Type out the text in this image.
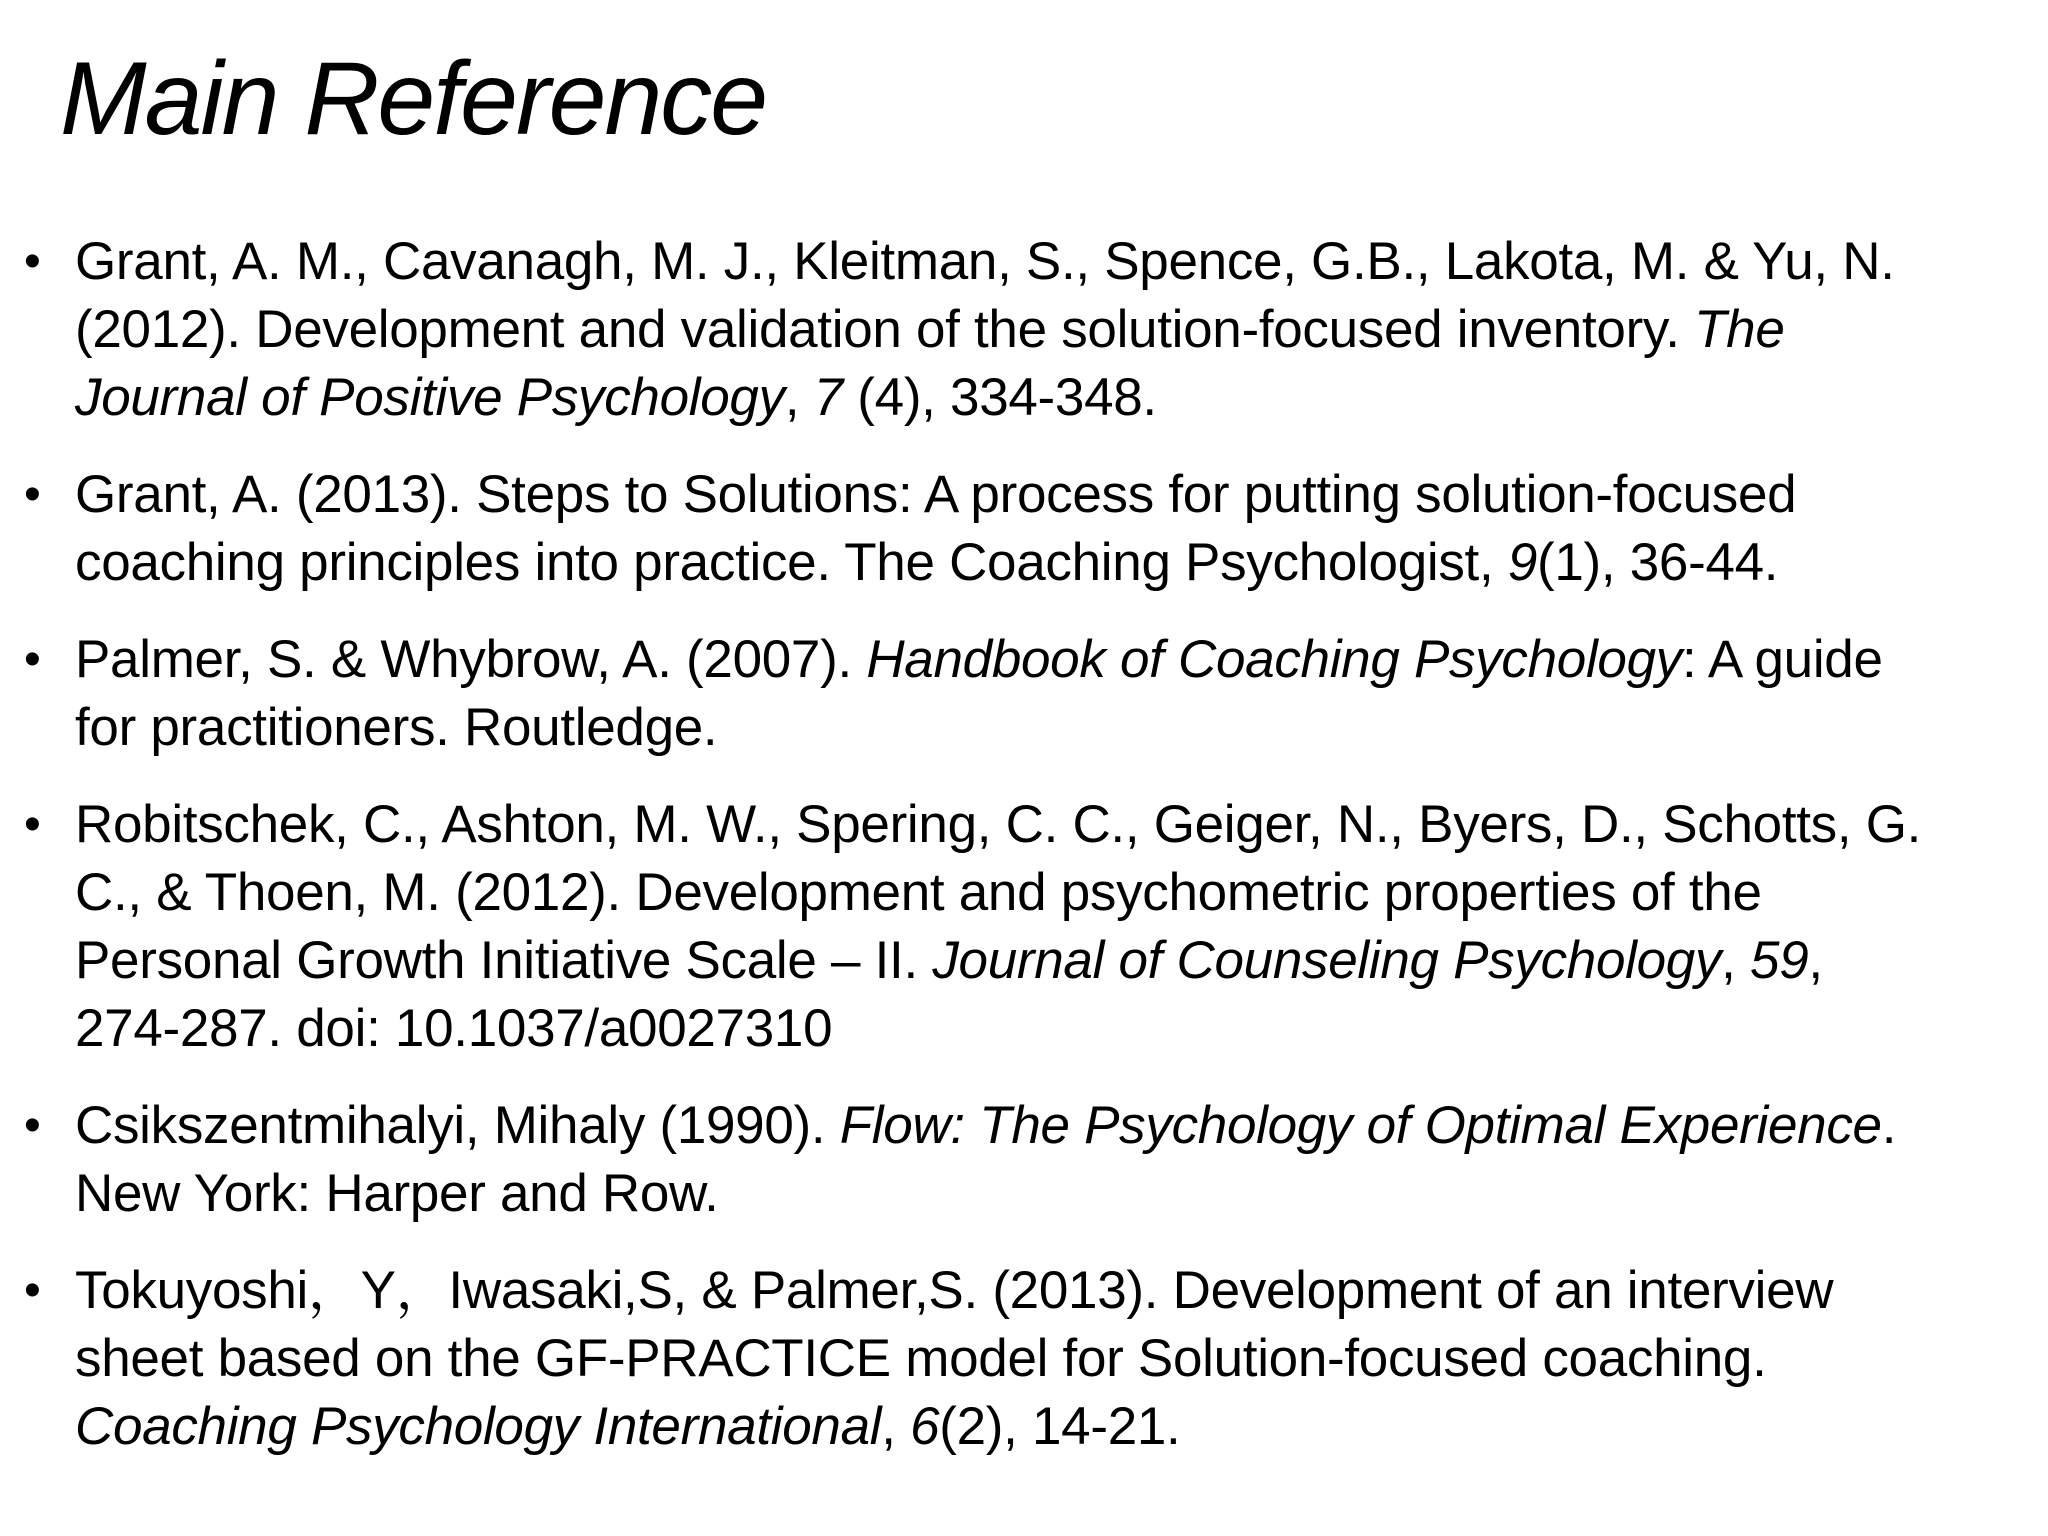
Main Reference
• Grant, A. M., Cavanagh, M. J., Kleitman, S., Spence, G.B., Lakota, M. & Yu, N.
(2012). Development and validation of the solution-focused inventory. The
Journal of Positive Psychology, 7 (4), 334-348.
• Grant, A. (2013). Steps to Solutions: A process for putting solution-focused
coaching principles into practice. The Coaching Psychologist, 9(1), 36-44.
• Palmer, S. & Whybrow, A. (2007). Handbook of Coaching Psychology: A guide
for practitioners. Routledge.
• Robitschek, C., Ashton, M. W., Spering, C. C., Geiger, N., Byers, D., Schotts, G.
C., & Thoen, M. (2012). Development and psychometric properties of the
Personal Growth Initiative Scale – II. Journal of Counseling Psychology, 59,
274-287. doi: 10.1037/a0027310
• Csikszentmihalyi, Mihaly (1990). Flow: The Psychology of Optimal Experience.
New York: Harper and Row.
• Tokuyoshi，Y，Iwasaki,S, & Palmer,S. (2013). Development of an interview
sheet based on the GF-PRACTICE model for Solution-focused coaching.
Coaching Psychology International, 6(2), 14-21.
